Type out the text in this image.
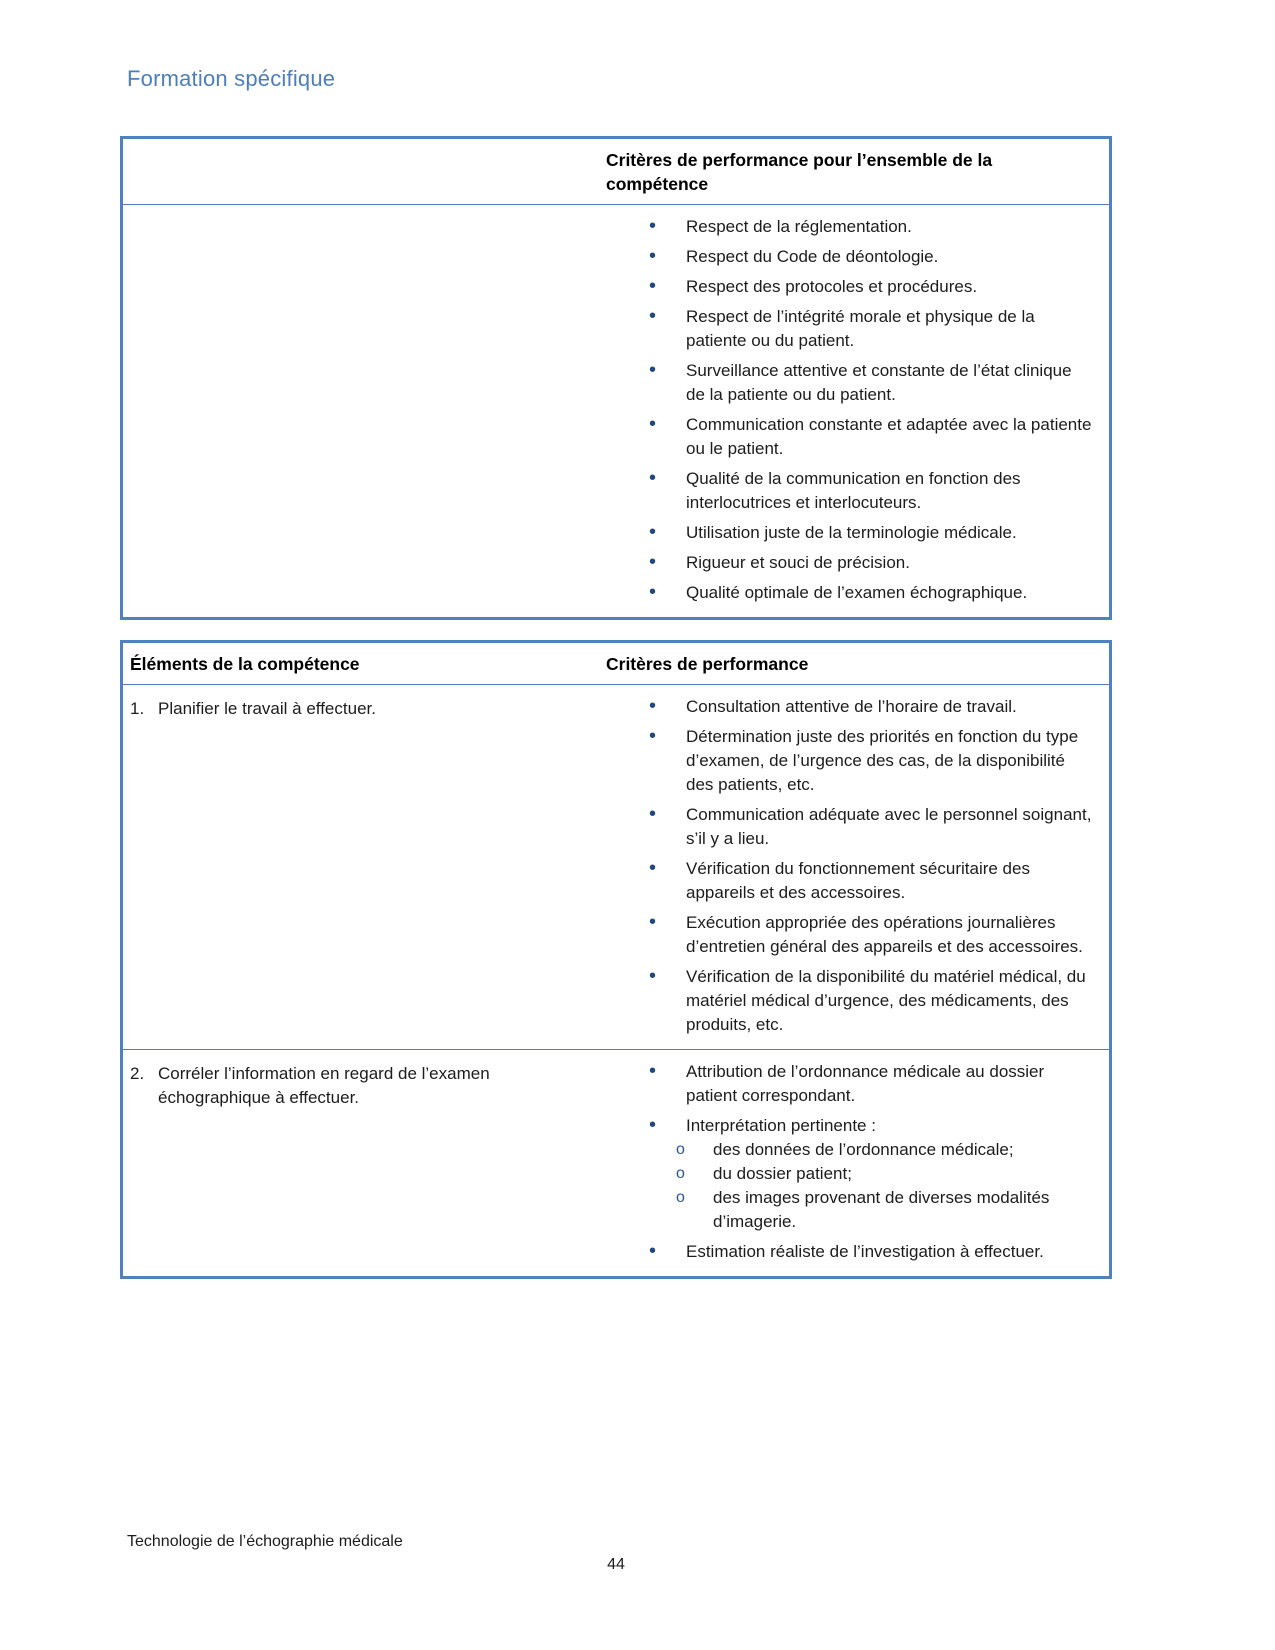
Formation spécifique
Critères de performance pour l’ensemble de la compétence
• Respect de la réglementation.
• Respect du Code de déontologie.
• Respect des protocoles et procédures.
• Respect de l’intégrité morale et physique de la patiente ou du patient.
• Surveillance attentive et constante de l’état clinique de la patiente ou du patient.
• Communication constante et adaptée avec la patiente ou le patient.
• Qualité de la communication en fonction des interlocutrices et interlocuteurs.
• Utilisation juste de la terminologie médicale.
• Rigueur et souci de précision.
• Qualité optimale de l’examen échographique.
Éléments de la compétence	Critères de performance
1. Planifier le travail à effectuer.	• Consultation attentive de l’horaire de travail.
• Détermination juste des priorités en fonction du type d’examen, de l’urgence des cas, de la disponibilité des patients, etc.
• Communication adéquate avec le personnel soignant, s’il y a lieu.
• Vérification du fonctionnement sécuritaire des appareils et des accessoires.
• Exécution appropriée des opérations journalières d’entretien général des appareils et des accessoires.
• Vérification de la disponibilité du matériel médical, du matériel médical d’urgence, des médicaments, des produits, etc.
2. Corréler l’information en regard de l’examen échographique à effectuer.
• Attribution de l’ordonnance médicale au dossier patient correspondant.
• Interprétation pertinente :
o des données de l’ordonnance médicale;
o du dossier patient;
o des images provenant de diverses modalités d’imagerie.
• Estimation réaliste de l’investigation à effectuer.
Technologie de l’échographie médicale
44
